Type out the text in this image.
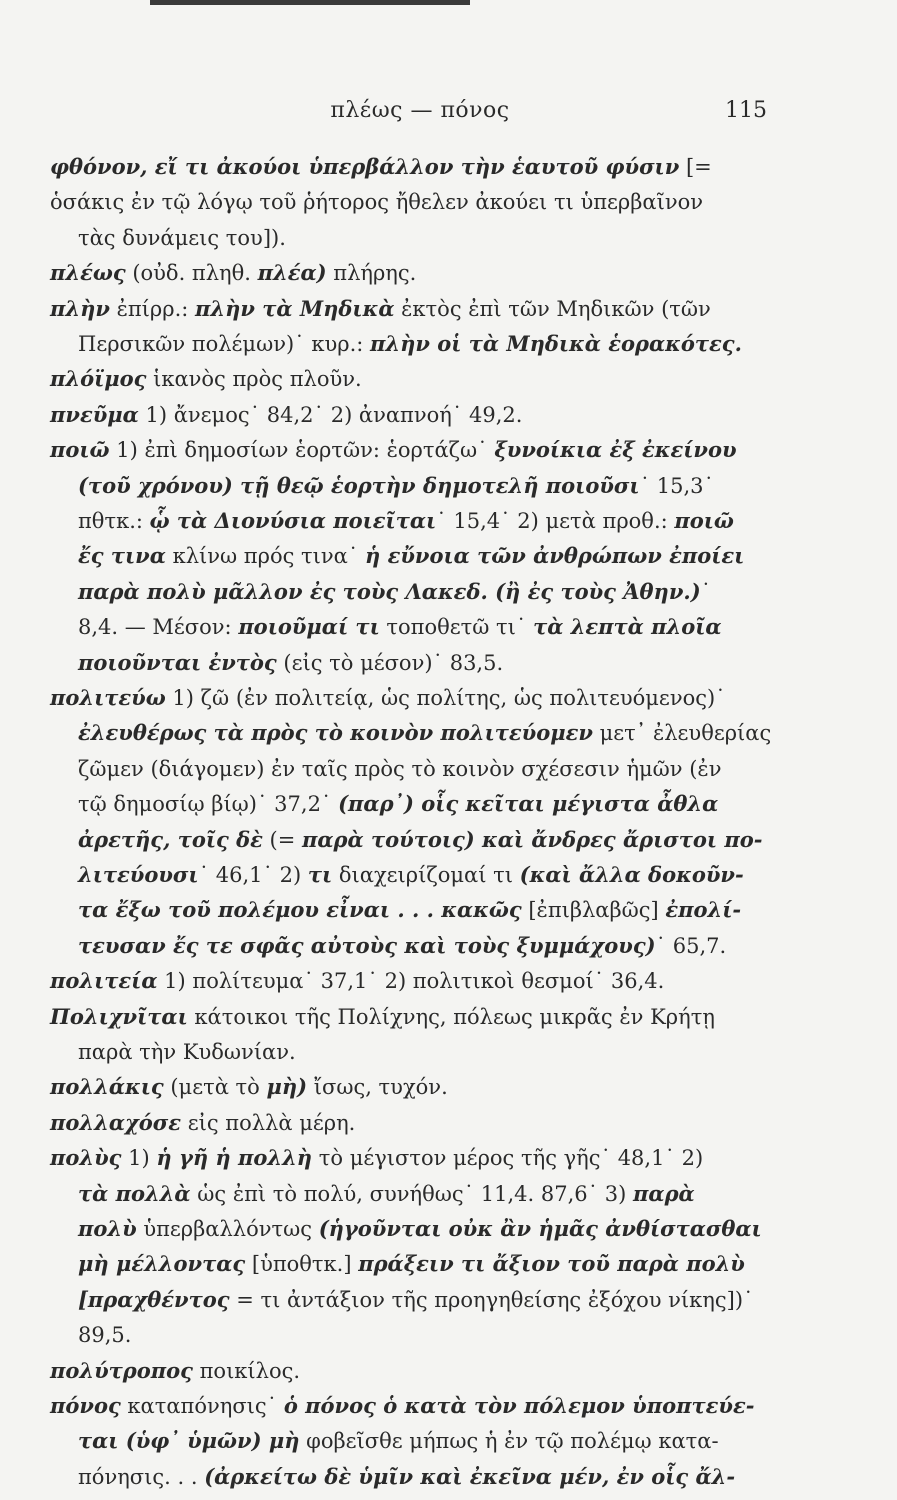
πλέως — πόνος	115
φθόνον, εἴ τι ἀκούοι ὑπερβάλλον τὴν ἑαυτοῦ φύσιν [=
ὁσάκις ἐν τῷ λόγῳ τοῦ ῥήτορος ἤθελεν ἀκούει τι ὑπερβαῖνον
τὰς δυνάμεις του]).
πλέως (οὐδ. πληθ. πλέα) πλήρης.
πλὴν ἐπίρρ.: πλὴν τὰ Μηδικὰ ἐκτὸς ἐπὶ τῶν Μηδικῶν (τῶν
Περσικῶν πολέμων)˙ κυρ.: πλὴν οἱ τὰ Μηδικὰ ἑορακότες.
πλόϊμος ἱκανὸς πρὸς πλοῦν.
πνεῦμα 1) ἄνεμος˙ 84,2˙ 2) ἀναπνοή˙ 49,2.
ποιῶ 1) ἐπὶ δημοσίων ἑορτῶν: ἑορτάζω˙ ξυνοίκια ἐξ ἐκείνου
(τοῦ χρόνου) τῇ θεῷ ἑορτὴν δημοτελῆ ποιοῦσι˙ 15,3˙
πθτκ.: ᾧ τὰ Διονύσια ποιεῖται˙ 15,4˙ 2) μετὰ προθ.: ποιῶ
ἔς τινα κλίνω πρός τινα˙ ἡ εὔνοια τῶν ἀνθρώπων ἐποίει
παρὰ πολὺ μᾶλλον ἐς τοὺς Λακεδ. (ἢ ἐς τοὺς Ἀθην.)˙
8,4. — Μέσον: ποιοῦμαί τι τοποθετῶ τι˙ τὰ λεπτὰ πλοῖα
ποιοῦνται ἐντὸς (εἰς τὸ μέσον)˙ 83,5.
πολιτεύω 1) ζῶ (ἐν πολιτείᾳ, ὡς πολίτης, ὡς πολιτευόμενος)˙
ἐλευθέρως τὰ πρὸς τὸ κοινὸν πολιτεύομεν μετ᾽ ἐλευθερίας
ζῶμεν (διάγομεν) ἐν ταῖς πρὸς τὸ κοινὸν σχέσεσιν ἡμῶν (ἐν
τῷ δημοσίῳ βίῳ)˙ 37,2˙ (παρ᾽) οἷς κεῖται μέγιστα ἆθλα
ἀρετῆς, τοῖς δὲ (= παρὰ τούτοις) καὶ ἄνδρες ἄριστοι πο-
λιτεύουσι˙ 46,1˙ 2) τι διαχειρίζομαί τι (καὶ ἄλλα δοκοῦν-
τα ἔξω τοῦ πολέμου εἶναι . . . κακῶς [ἐπιβλαβῶς] ἐπολί-
τευσαν ἔς τε σφᾶς αὐτοὺς καὶ τοὺς ξυμμάχους)˙ 65,7.
πολιτεία 1) πολίτευμα˙ 37,1˙ 2) πολιτικοὶ θεσμοί˙ 36,4.
Πολιχνῖται κάτοικοι τῆς Πολίχνης, πόλεως μικρᾶς ἐν Κρήτῃ
παρὰ τὴν Κυδωνίαν.
πολλάκις (μετὰ τὸ μὴ) ἴσως, τυχόν.
πολλαχόσε εἰς πολλὰ μέρη.
πολὺς 1) ἡ γῆ ἡ πολλὴ τὸ μέγιστον μέρος τῆς γῆς˙ 48,1˙ 2)
τὰ πολλὰ ὡς ἐπὶ τὸ πολύ, συνήθως˙ 11,4. 87,6˙ 3) παρὰ
πολὺ ὑπερβαλλόντως (ἡγοῦνται οὐκ ἂν ἡμᾶς ἀνθίστασθαι
μὴ μέλλοντας [ὑποθτκ.] πράξειν τι ἄξιον τοῦ παρὰ πολὺ
[πραχθέντος = τι ἀντάξιον τῆς προηγηθείσης ἐξόχου νίκης])˙
89,5.
πολύτροπος ποικίλος.
πόνος καταπόνησις˙ ὁ πόνος ὁ κατὰ τὸν πόλεμον ὑποπτεύε-
ται (ὑφ᾽ ὑμῶν) μὴ φοβεῖσθε μήπως ἡ ἐν τῷ πολέμῳ κατα-
πόνησις. . . (ἀρκείτω δὲ ὑμῖν καὶ ἐκεῖνα μέν, ἐν οἷς ἄλ-
